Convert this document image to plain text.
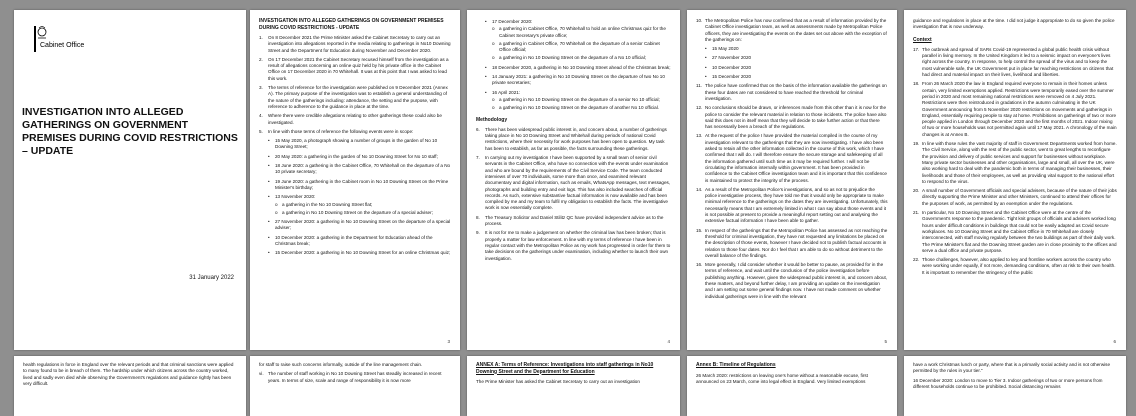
Cabinet Office
INVESTIGATION INTO ALLEGED GATHERINGS ON GOVERNMENT PREMISES DURING COVID RESTRICTIONS – UPDATE
31 January 2022
INVESTIGATION INTO ALLEGED GATHERINGS ON GOVERNMENT PREMISES DURING COVID RESTRICTIONS - UPDATE
1. On 8 December 2021 the Prime Minister asked the Cabinet Secretary to carry out an investigation into allegations reported in the media relating to gatherings in No10 Downing Street and the Department for Education during November and December 2020.
2. On 17 December 2021 the Cabinet Secretary recused himself from the investigation as a result of allegations concerning an online quiz held by his private office in the Cabinet Office on 17 December 2020 in 70 Whitehall. It was at this point that I was asked to lead this work.
3. The terms of reference for the investigation were published on 9 December 2021 (Annex A). The primary purpose of the investigation was to establish a general understanding of the nature of the gatherings including: attendance, the setting and the purpose, with reference to adherence to the guidance in place at the time.
4. Where there were credible allegations relating to other gatherings these could also be investigated.
5. In line with those terms of reference the following events were in scope:
• 15 May 2020, a photograph showing a number of groups in the garden of No 10 Downing Street;
• 20 May 2020: a gathering in the garden of No 10 Downing Street for No 10 staff;
• 18 June 2020: a gathering in the Cabinet Office, 70 Whitehall on the departure of a No 10 private secretary;
• 19 June 2020: a gathering in the Cabinet room in No 10 Downing Street on the Prime Minister's birthday;
• 13 November 2020:
o a gathering in the No 10 Downing Street flat;
o a gathering in No 10 Downing Street on the departure of a special adviser;
• 27 November 2020: a gathering in No 10 Downing Street on the departure of a special adviser;
• 10 December 2020: a gathering in the Department for Education ahead of the Christmas break;
• 15 December 2020: a gathering in No 10 Downing Street for an online Christmas quiz;
3
• 17 December 2020:
o a gathering in Cabinet Office, 70 Whitehall to hold an online Christmas quiz for the Cabinet Secretary's private office;
o a gathering in Cabinet Office, 70 Whitehall on the departure of a senior Cabinet Office official;
o a gathering in No 10 Downing Street on the departure of a No 10 official;
• 18 December 2020, a gathering in No 10 Downing Street ahead of the Christmas break;
• 14 January 2021: a gathering in No 10 Downing Street on the departure of two No 10 private secretaries;
• 16 April 2021:
o a gathering in No 10 Downing Street on the departure of a senior No 10 official;
o a gathering in No 10 Downing Street on the departure of another No 10 official.
Methodology
6. There has been widespread public interest in, and concern about, a number of gatherings taking place in No 10 Downing Street and Whitehall during periods of national Covid restrictions, where their necessity for work purposes has been open to question. My task has been to establish, as far as possible, the facts surrounding these gatherings.
7. In carrying out my investigation I have been supported by a small team of senior civil servants in the Cabinet Office, who have no connection with the events under examination and who are bound by the requirements of the Civil Service Code. The team conducted interviews of over 70 individuals, some more than once, and examined relevant documentary and digital information, such as emails, WhatsApp messages, text messages, photographs and building entry and exit logs. This has also included searches of official records. As such, extensive substantive factual information is now available and has been compiled by me and my team to fulfil my obligation to establish the facts. The investigative work is now essentially complete.
8. The Treasury Solicitor and Daniel Stilitz QC have provided independent advice as to the process.
9. It is not for me to make a judgement on whether the criminal law has been broken; that is properly a matter for law enforcement. In line with my terms of reference I have been in regular contact with the Metropolitan Police as my work has progressed in order for them to take decisions on the gatherings under examination, including whether to launch their own investigation.
4
10. The Metropolitan Police has now confirmed that as a result of information provided by the Cabinet Office investigation team, as well as assessments made by Metropolitan Police officers, they are investigating the events on the dates set out above with the exception of the gatherings on:
• 15 May 2020
• 27 November 2020
• 10 December 2020
• 15 December 2020
11. The police have confirmed that on the basis of the information available the gatherings on these four dates are not considered to have reached the threshold for criminal investigation.
12. No conclusions should be drawn, or inferences made from this other than it is now for the police to consider the relevant material in relation to those incidents. The police have also said this does not in itself mean that they will decide to take further action or that there has necessarily been a breach of the regulations.
13. At the request of the police I have provided the material compiled in the course of my investigation relevant to the gatherings that they are now investigating. I have also been asked to retain all the other information collected in the course of this work, which I have confirmed that I will do. I will therefore ensure the secure storage and safekeeping of all the information gathered until such time as it may be required further. I will not be circulating the information internally within government. It has been provided in confidence to the Cabinet Office investigation team and it is important that this confidence is maintained to protect the integrity of the process.
14. As a result of the Metropolitan Police's investigations, and so as not to prejudice the police investigative process, they have told me that it would only be appropriate to make minimal reference to the gatherings on the dates they are investigating. Unfortunately, this necessarily means that I am extremely limited in what I can say about those events and it is not possible at present to provide a meaningful report setting out and analysing the extensive factual information I have been able to gather.
15. In respect of the gatherings that the Metropolitan Police has assessed as not reaching the threshold for criminal investigation, they have not requested any limitations be placed on the description of those events, however I have decided not to publish factual accounts in relation to those four dates. Nor do I feel that I am able to do so without detriment to the overall balance of the findings.
16. More generally, I did consider whether it would be better to pause, as provided for in the terms of reference, and wait until the conclusion of the police investigation before publishing anything. However, given the widespread public interest in, and concern about, these matters, and beyond further delay, I am providing an update on the investigation and I am setting out some general findings now. I have not made comment on whether individual gatherings were in line with the relevant
5
guidance and regulations in place at the time. I did not judge it appropriate to do so given the police investigation that is now underway.
Context
17. The outbreak and spread of SARs Covid-19 represented a global public health crisis without parallel in living memory. In the United Kingdom it led to a seismic impact on everyone's lives right across the country. In response, to help control the spread of the virus and to keep the most vulnerable safe, the UK Government put in place far reaching restrictions on citizens that had direct and material impact on their lives, livelihood and liberties.
18. From 26 March 2020 the law in England required everyone to remain in their homes unless certain, very limited exemptions applied. Restrictions were temporarily eased over the summer period in 2020 and most remaining national restrictions were removed on 4 July 2021. Restrictions were then reintroduced in gradations in the autumn culminating in the UK Government announcing from 5 November 2020 restrictions on movements and gatherings in England, essentially requiring people to stay at home. Prohibitions on gatherings of two or more people applied in London through December 2020 and the first months of 2021. Indoor mixing of two or more households was not permitted again until 17 May 2021. A chronology of the main changes is at Annex B.
19. In line with those rules the vast majority of staff in Government Departments worked from home. The Civil Service, along with the rest of the public sector, went to great lengths to reconfigure the provision and delivery of public services and support for businesses without workplace. Many private sector businesses and other organisations, large and small, all over the UK, were also working hard to deal with the pandemic both in terms of managing their businesses, their livelihoods and those of their employees, as well as providing vital support to the national effort to respond to the virus.
20. A small number of Government officials and special advisers, because of the nature of their jobs directly supporting the Prime Minister and other Ministers, continued to attend their offices for the purposes of work, as permitted by an exemption under the regulations.
21. In particular, No 10 Downing Street and the Cabinet Office were at the centre of the Government's response to the pandemic. Tight knit groups of officials and advisers worked long hours under difficult conditions in buildings that could not be easily adapted as Covid secure workplaces. No 10 Downing Street and the Cabinet Office in 70 Whitehall are closely interconnected, with staff moving regularly between the two buildings as part of their daily work. The Prime Minister's flat and the Downing Street garden are in close proximity to the offices and serve a dual office and private purpose.
22. Those challenges, however, also applied to key and frontline workers across the country who were working under equally, if not more, demanding conditions, often at risk to their own health. It is important to remember the stringency of the public
6
health regulations in force in England over the relevant periods and that criminal sanctions were applied to many found to be in breach of them. The hardship under which citizens across the country worked, lived and sadly even died while observing the Government's regulations and guidance rightly has been very difficult.
for staff to raise such concerns informally, outside of the line management chain.
vi. The number of staff working in No 10 Downing Street has steadily increased in recent years. In terms of size, scale and range of responsibility it is now more
ANNEX A: Terms of Reference: Investigations into staff gatherings in No10 Downing Street and the Department for Education
The Prime Minister has asked the Cabinet Secretary to carry out an investigation
Annex B: Timeline of Regulations
26 March 2020: restrictions on leaving one's home without a reasonable excuse, first announced on 23 March, come into legal effect in England. Very limited exemptions
have a work Christmas lunch or party, where that is a primarily social activity and is not otherwise permitted by the rules in your tier."
16 December 2020: London to move to Tier 3. Indoor gatherings of two or more persons from different households continue to be prohibited. Social distancing remains
